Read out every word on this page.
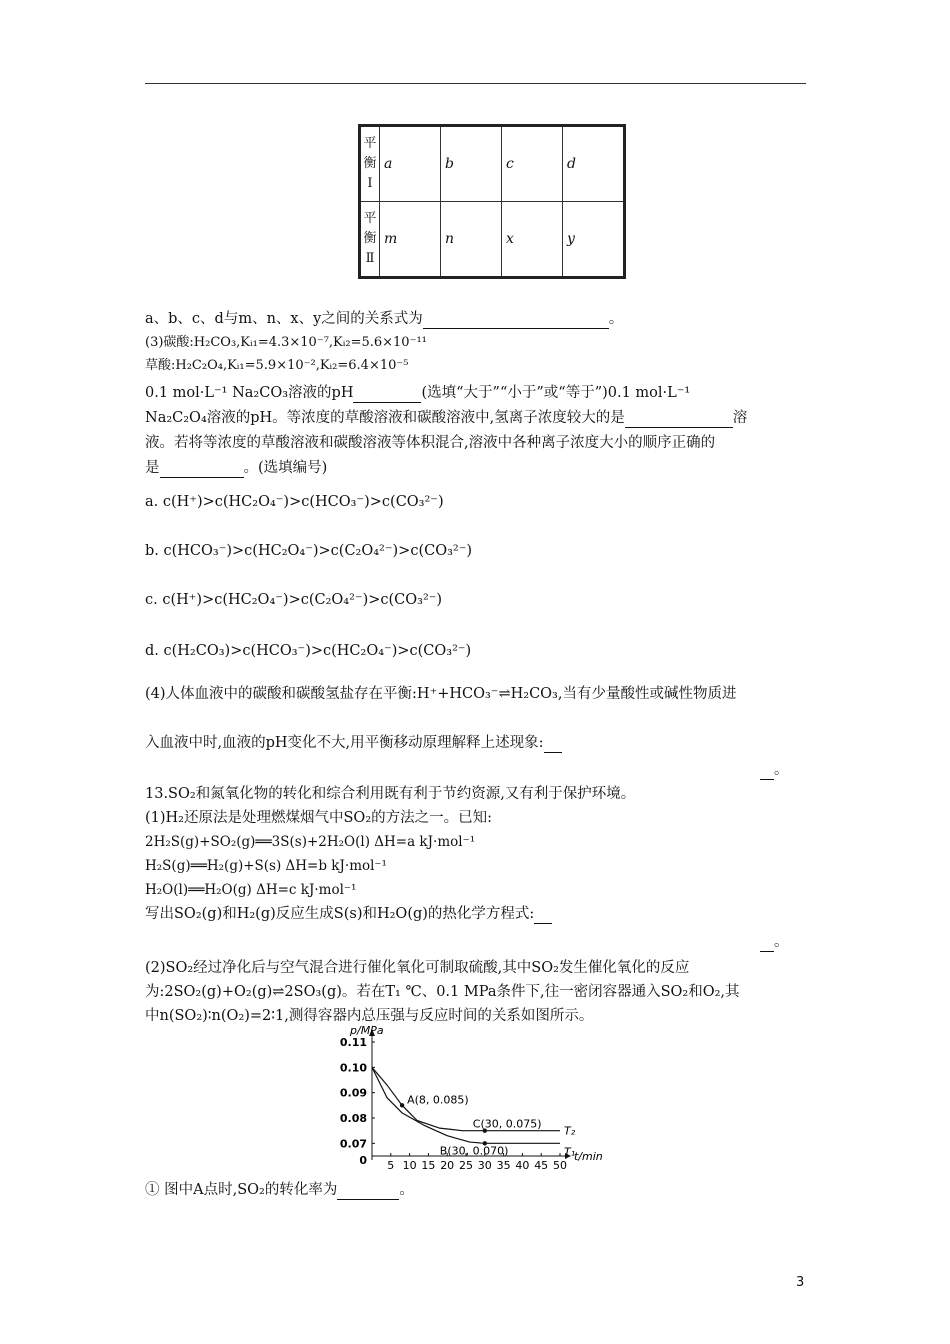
平衡Ⅰ	a	b	c	d
平衡Ⅱ	m	n	x	y
a、b、c、d与m、n、x、y之间的关系式为	。
(3)碳酸:H₂CO₃,Kᵢ₁=4.3×10⁻⁷,Kᵢ₂=5.6×10⁻¹¹
草酸:H₂C₂O₄,Kᵢ₁=5.9×10⁻²,Kᵢ₂=6.4×10⁻⁵
0.1 mol·L⁻¹ Na₂CO₃溶液的pH	(选填“大于”“小于”或“等于”)0.1 mol·L⁻¹
Na₂C₂O₄溶液的pH。等浓度的草酸溶液和碳酸溶液中,氢离子浓度较大的是	溶
液。若将等浓度的草酸溶液和碳酸溶液等体积混合,溶液中各种离子浓度大小的顺序正确的
是	。(选填编号)
a. c(H⁺)>c(HC₂O₄⁻)>c(HCO₃⁻)>c(CO₃²⁻)
b. c(HCO₃⁻)>c(HC₂O₄⁻)>c(C₂O₄²⁻)>c(CO₃²⁻)
c. c(H⁺)>c(HC₂O₄⁻)>c(C₂O₄²⁻)>c(CO₃²⁻)
d. c(H₂CO₃)>c(HCO₃⁻)>c(HC₂O₄⁻)>c(CO₃²⁻)
(4)人体血液中的碳酸和碳酸氢盐存在平衡:H⁺+HCO₃⁻⇌H₂CO₃,当有少量酸性或碱性物质进
入血液中时,血液的pH变化不大,用平衡移动原理解释上述现象:
。
13.SO₂和氮氧化物的转化和综合利用既有利于节约资源,又有利于保护环境。
(1)H₂还原法是处理燃煤烟气中SO₂的方法之一。已知:
2H₂S(g)+SO₂(g)══3S(s)+2H₂O(l) ΔH=a kJ·mol⁻¹
H₂S(g)══H₂(g)+S(s) ΔH=b kJ·mol⁻¹
H₂O(l)══H₂O(g) ΔH=c kJ·mol⁻¹
写出SO₂(g)和H₂(g)反应生成S(s)和H₂O(g)的热化学方程式:
。
(2)SO₂经过净化后与空气混合进行催化氧化可制取硫酸,其中SO₂发生催化氧化的反应
为:2SO₂(g)+O₂(g)⇌2SO₃(g)。若在T₁ ℃、0.1 MPa条件下,往一密闭容器通入SO₂和O₂,其
中n(SO₂)∶n(O₂)=2∶1,测得容器内总压强与反应时间的关系如图所示。
p/MPa
t/min
5 10 15 20 25 30 35 40 45 50
0.11
0.10
0.09
0.08
0.07
0
T₂
T₁
A(8, 0.085)
C(30, 0.075)
B(30, 0.070)
① 图中A点时,SO₂的转化率为	。
3
